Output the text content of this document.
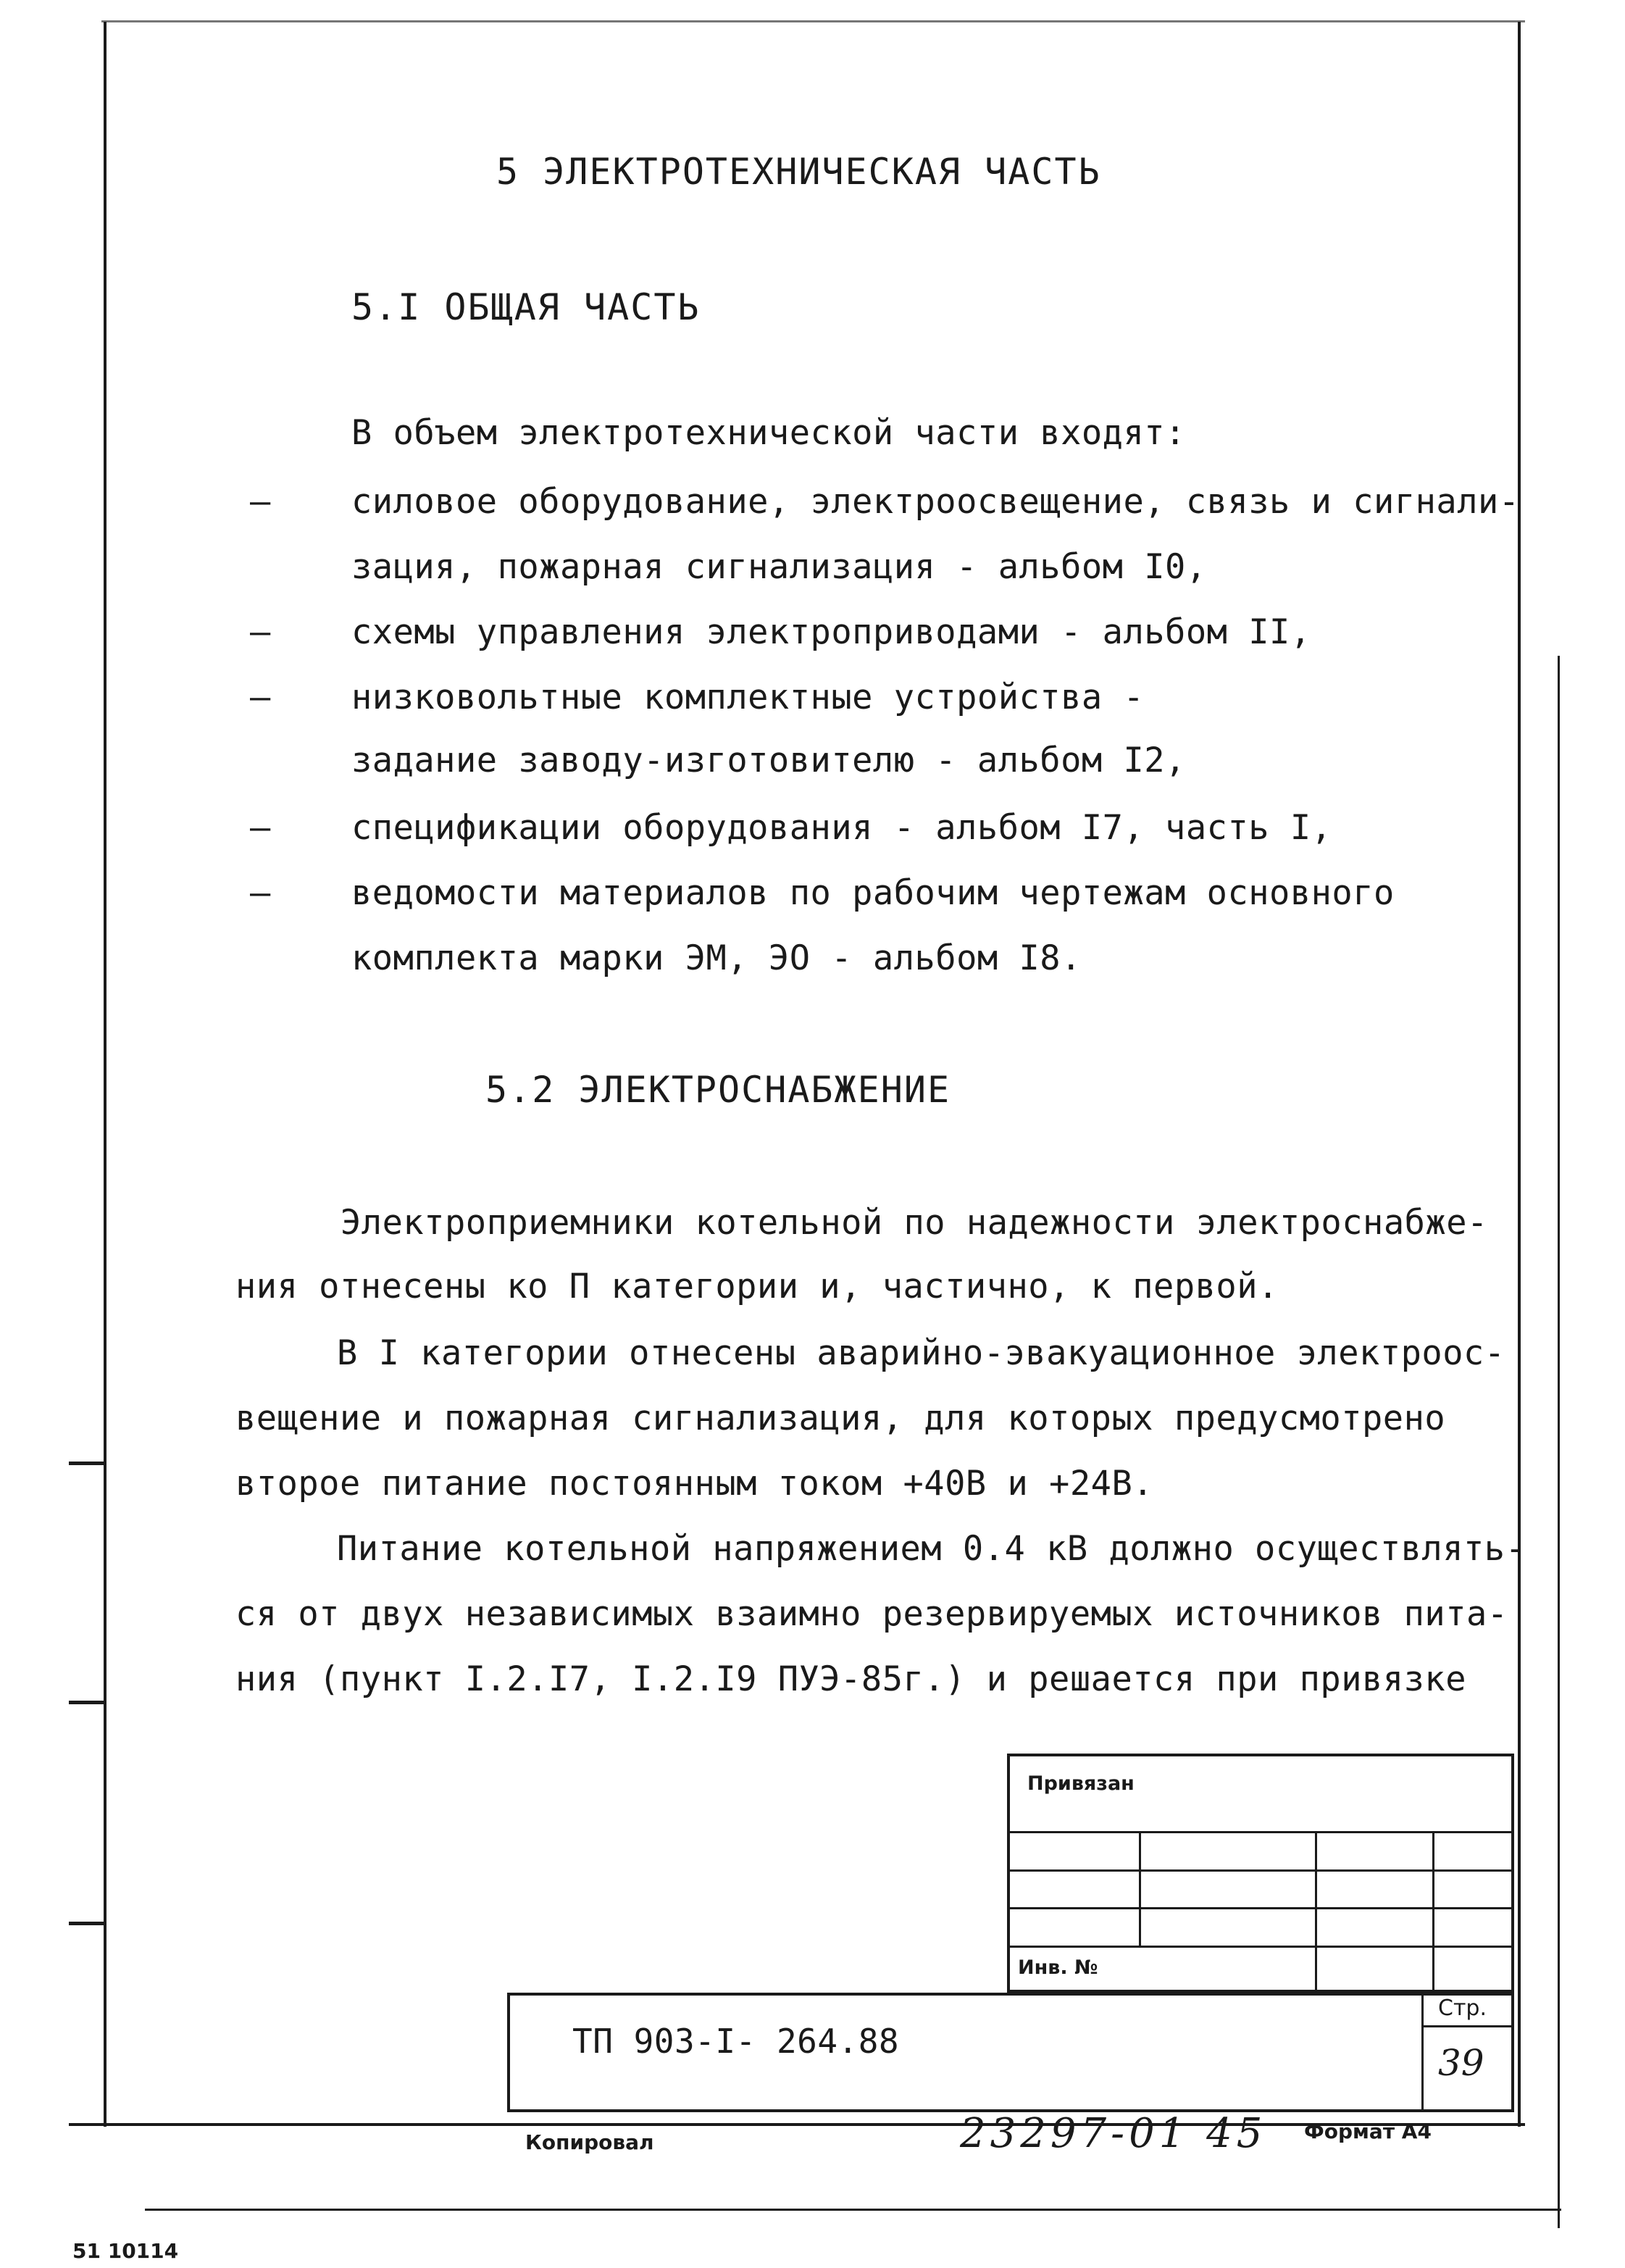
5 ЭЛЕКТРОТЕХНИЧЕСКАЯ ЧАСТЬ
5.I ОБЩАЯ ЧАСТЬ
В объем электротехнической части входят:
– силовое оборудование, электроосвещение, связь и сигнали-
зация, пожарная сигнализация - альбом I0,
– схемы управления электроприводами - альбом II,
– низковольтные комплектные устройства -
задание заводу-изготовителю - альбом I2,
– спецификации оборудования - альбом I7, часть I,
– ведомости материалов по рабочим чертежам основного
комплекта марки ЭМ, ЭО - альбом I8.
5.2 ЭЛЕКТРОСНАБЖЕНИЕ
Электроприемники котельной по надежности электроснабже-
ния отнесены ко П категории и, частично, к первой.
В I категории отнесены аварийно-эвакуационное электроос-
вещение и пожарная сигнализация, для которых предусмотрено
второе питание постоянным током +40В и +24В.
Питание котельной напряжением 0.4 кВ должно осуществлять-
ся от двух независимых взаимно резервируемых источников пита-
ния (пункт I.2.I7, I.2.I9 ПУЭ-85г.) и решается при привязке
Привязан
Инв. №
ТП 903-I- 264.88
Стр.
39
Копировал	23297-01 45 Формат А4
51 10114
